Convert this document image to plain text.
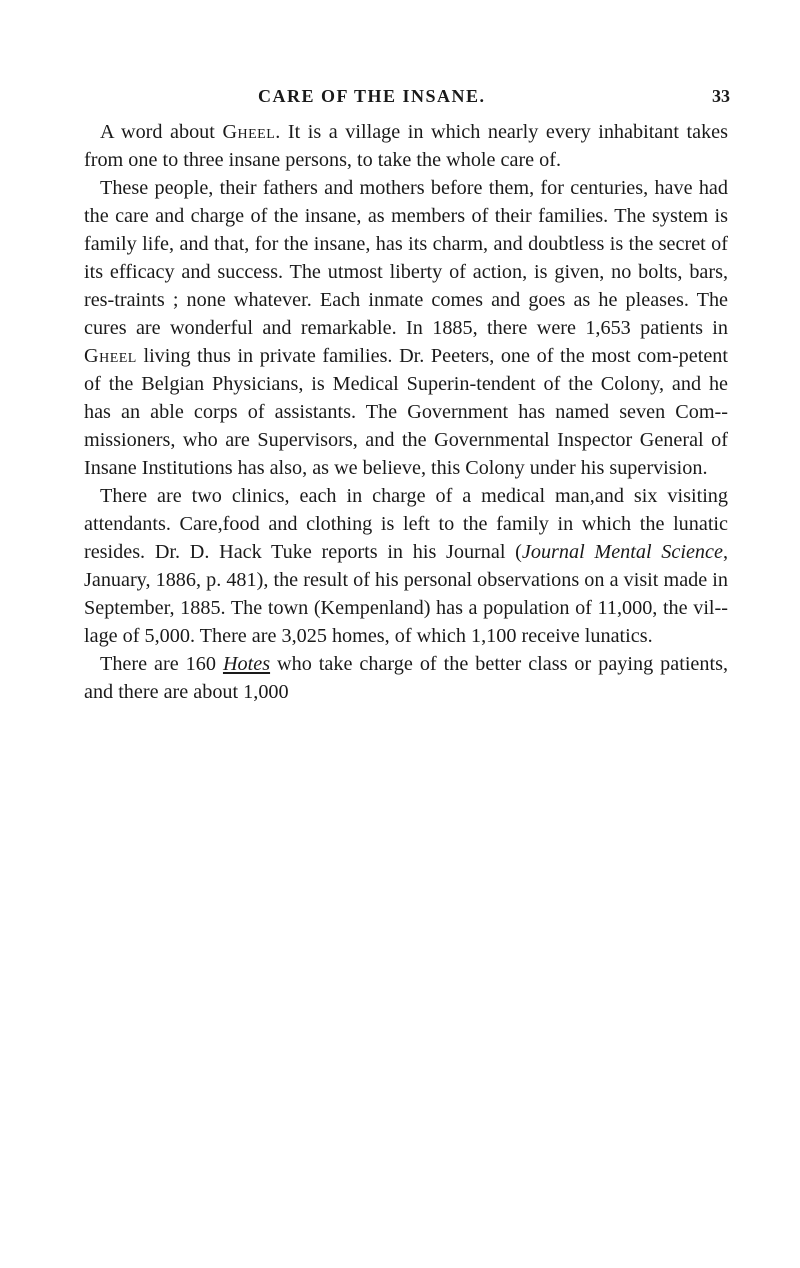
CARE OF THE INSANE.	33

A word about Gheel. It is a village in which nearly every inhabitant takes from one to three insane persons, to take the whole care of.

These people, their fathers and mothers before them, for centuries, have had the care and charge of the insane, as members of their families. The system is family life, and that, for the insane, has its charm, and doubtless is the secret of its efficacy and success. The utmost liberty of action, is given, no bolts, bars, res-traints ; none whatever. Each inmate comes and goes as he pleases. The cures are wonderful and remarkable. In 1885, there were 1,653 patients in Gheel living thus in private families. Dr. Peeters, one of the most com-petent of the Belgian Physicians, is Medical Superin-tendent of the Colony, and he has an able corps of assistants. The Government has named seven Com-missioners, who are Supervisors, and the Governmental Inspector General of Insane Institutions has also, as we believe, this Colony under his supervision.

There are two clinics, each in charge of a medical man,and six visiting attendants. Care,food and clothing is left to the family in which the lunatic resides. Dr. D. Hack Tuke reports in his Journal (Journal Mental Science, January, 1886, p. 481), the result of his personal observations on a visit made in September, 1885. The town (Kempenland) has a population of 11,000, the vil-lage of 5,000. There are 3,025 homes, of which 1,100 receive lunatics.

There are 160 Hotes who take charge of the better class or paying patients, and there are about 1,000
